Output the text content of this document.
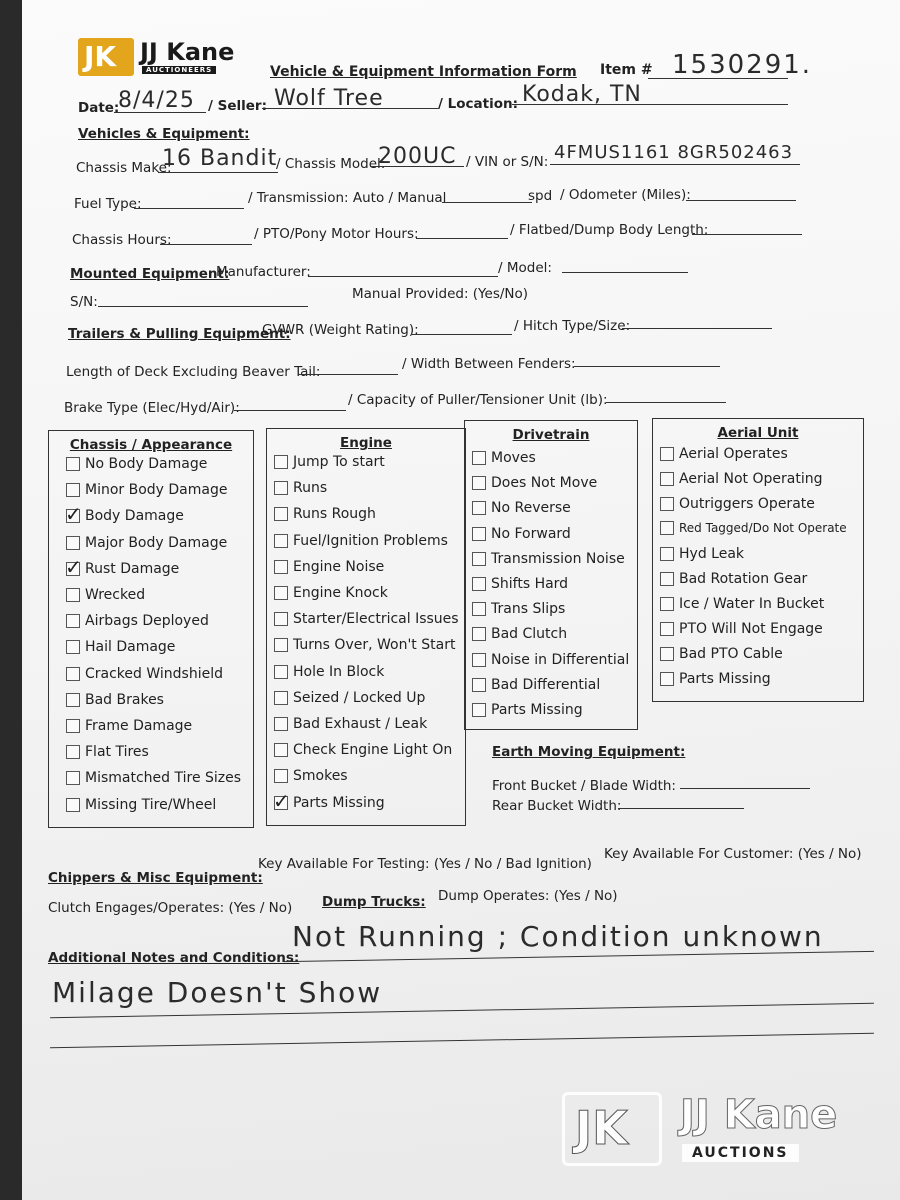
JK JJ Kane
AUCTIONEERS	Vehicle & Equipment Information Form Item # 1530291.
Date:
8/4/25 / Seller: Wolf Tree	/ Location: Kodak, TN
Vehicles & Equipment:
Chassis Make:
16 Bandit
/ Chassis Model:
200UC / VIN or S/N: 4FMUS1161 8GR502463
Fuel Type:	/ Transmission: Auto / Manual	spd / Odometer (Miles):
Chassis Hours:	/ PTO/Pony Motor Hours:	/ Flatbed/Dump Body Length:
Mounted Equipment:
Manufacturer:	/ Model:
S/N:	Manual Provided: (Yes/No)
Trailers & Pulling Equipment:
GVWR (Weight Rating):	/ Hitch Type/Size:
Length of Deck Excluding Beaver Tail:	/ Width Between Fenders:
Brake Type (Elec/Hyd/Air):	/ Capacity of Puller/Tensioner Unit (lb):
Chassis / Appearance	Engine	Drivetrain	Aerial Unit
No Body Damage
Minor Body Damage
✓
Body Damage
Major Body Damage
✓
Rust Damage
Wrecked
Airbags Deployed
Hail Damage
Cracked Windshield
Bad Brakes
Frame Damage
Flat Tires
Mismatched Tire Sizes
Missing Tire/Wheel
Jump To start
Runs
Runs Rough
Fuel/Ignition Problems
Engine Noise
Engine Knock
Starter/Electrical Issues
Turns Over, Won't Start
Hole In Block
Seized / Locked Up
Bad Exhaust / Leak
Check Engine Light On
Smokes
✓
Parts Missing
Moves
Does Not Move
No Reverse
No Forward
Transmission Noise
Shifts Hard
Trans Slips
Bad Clutch
Noise in Differential
Bad Differential
Parts Missing
Aerial Operates
Aerial Not Operating
Outriggers Operate
Red Tagged/Do Not Operate
Hyd Leak
Bad Rotation Gear
Ice / Water In Bucket
PTO Will Not Engage
Bad PTO Cable
Parts Missing
Earth Moving Equipment:
Front Bucket / Blade Width:
Rear Bucket Width:
Chippers & Misc Equipment:
Key Available For Testing: (Yes / No / Bad Ignition)
Key Available For Customer: (Yes / No)
Clutch Engages/Operates: (Yes / No) Dump Trucks: Dump Operates: (Yes / No)
Additional Notes and Conditions:
Not Running ; Condition unknown
Milage Doesn't Show
JK JJ Kane
AUCTIONS
